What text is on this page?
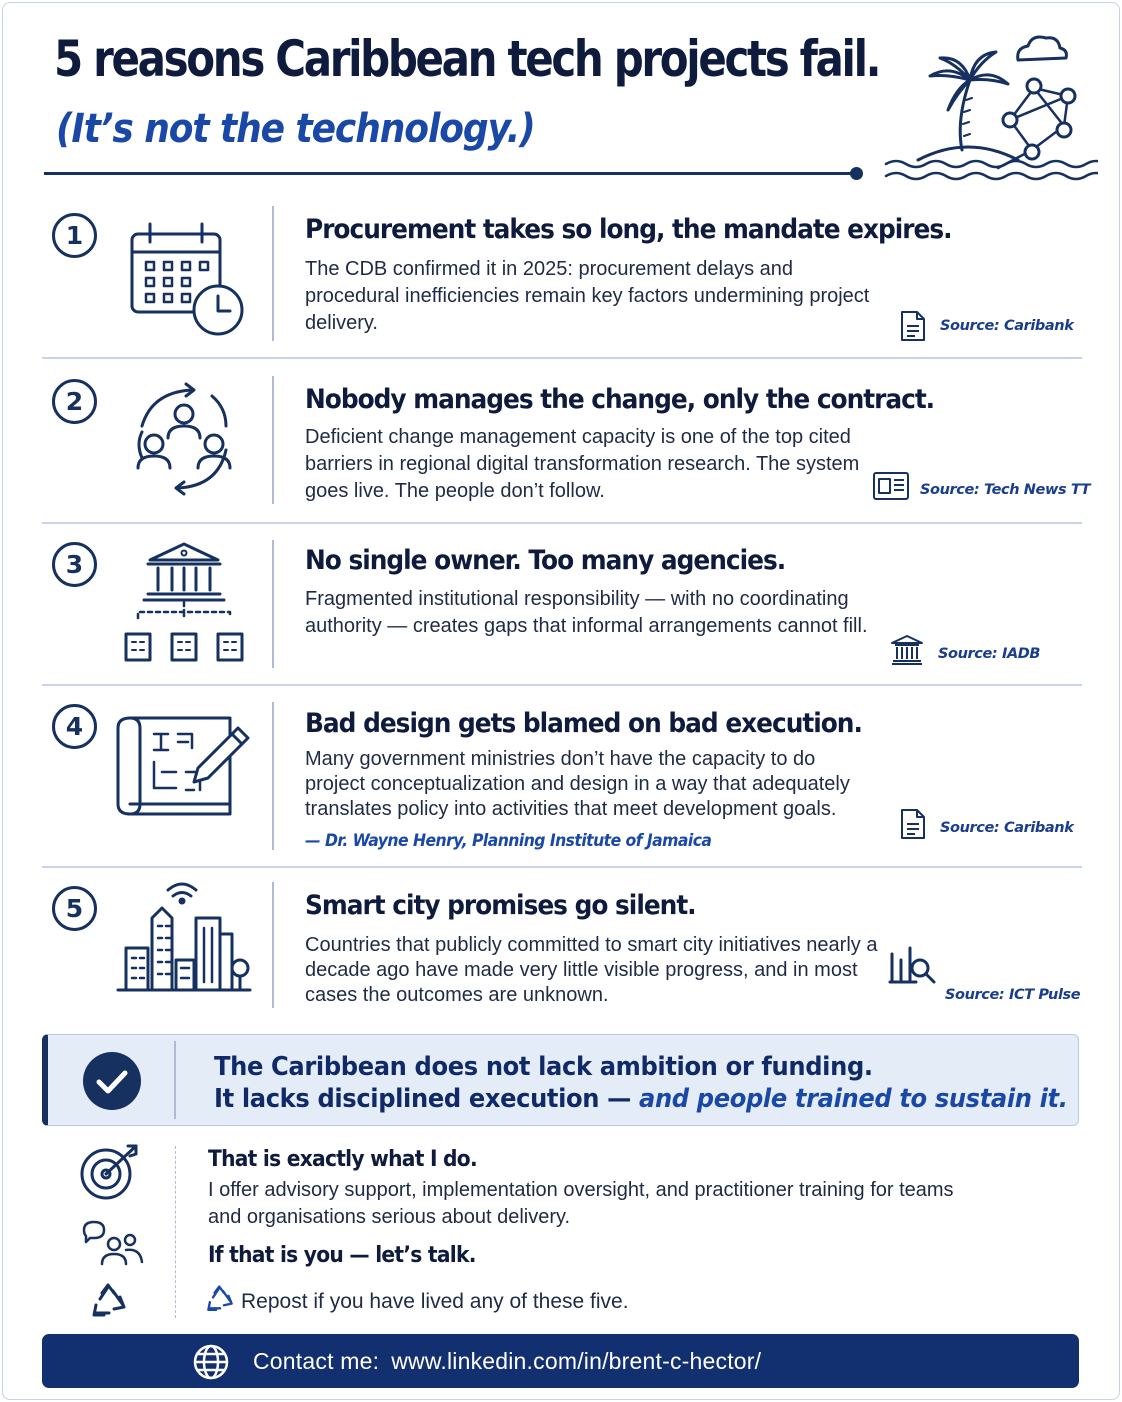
5 reasons Caribbean tech projects fail.
(It’s not the technology.)
1	Procurement takes so long, the mandate expires.
The CDB confirmed it in 2025: procurement delays and procedural inefficiencies remain key factors undermining project delivery.	Source: Caribank
2	Nobody manages the change, only the contract.
Deficient change management capacity is one of the top cited barriers in regional digital transformation research. The system goes live. The people don’t follow.	Source: Tech News TT
3	No single owner. Too many agencies.
Fragmented institutional responsibility — with no coordinating authority — creates gaps that informal arrangements cannot fill.
Source: IADB
4	Bad design gets blamed on bad execution.
Many government ministries don’t have the capacity to do project conceptualization and design in a way that adequately translates policy into activities that meet development goals.
— Dr. Wayne Henry, Planning Institute of Jamaica
Source: Caribank
5	Smart city promises go silent.
Countries that publicly committed to smart city initiatives nearly a decade ago have made very little visible progress, and in most cases the outcomes are unknown.	Source: ICT Pulse
The Caribbean does not lack ambition or funding.
It lacks disciplined execution — and people trained to sustain it.
That is exactly what I do.
I offer advisory support, implementation oversight, and practitioner training for teams and organisations serious about delivery.
If that is you — let’s talk.
Repost if you have lived any of these five.
Contact me: www.linkedin.com/in/brent-c-hector/
